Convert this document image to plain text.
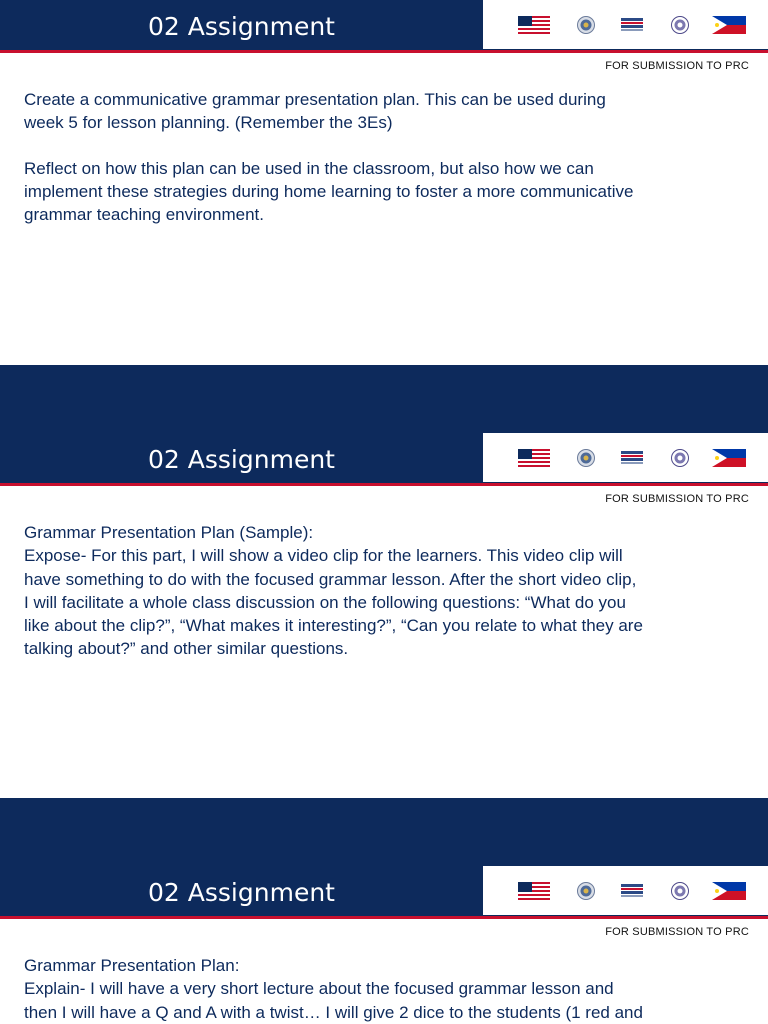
02 Assignment
FOR SUBMISSION TO PRC

Create a communicative grammar presentation plan. This can be used during
week 5 for lesson planning. (Remember the 3Es)

Reflect on how this plan can be used in the classroom, but also how we can
implement these strategies during home learning to foster a more communicative
grammar teaching environment.

02 Assignment
FOR SUBMISSION TO PRC

Grammar Presentation Plan (Sample):
Expose- For this part, I will show a video clip for the learners. This video clip will
have something to do with the focused grammar lesson. After the short video clip,
I will facilitate a whole class discussion on the following questions: “What do you
like about the clip?”, “What makes it interesting?”, “Can you relate to what they are
talking about?” and other similar questions.

02 Assignment
FOR SUBMISSION TO PRC

Grammar Presentation Plan:
Explain- I will have a very short lecture about the focused grammar lesson and
then I will have a Q and A with a twist… I will give 2 dice to the students (1 red and
